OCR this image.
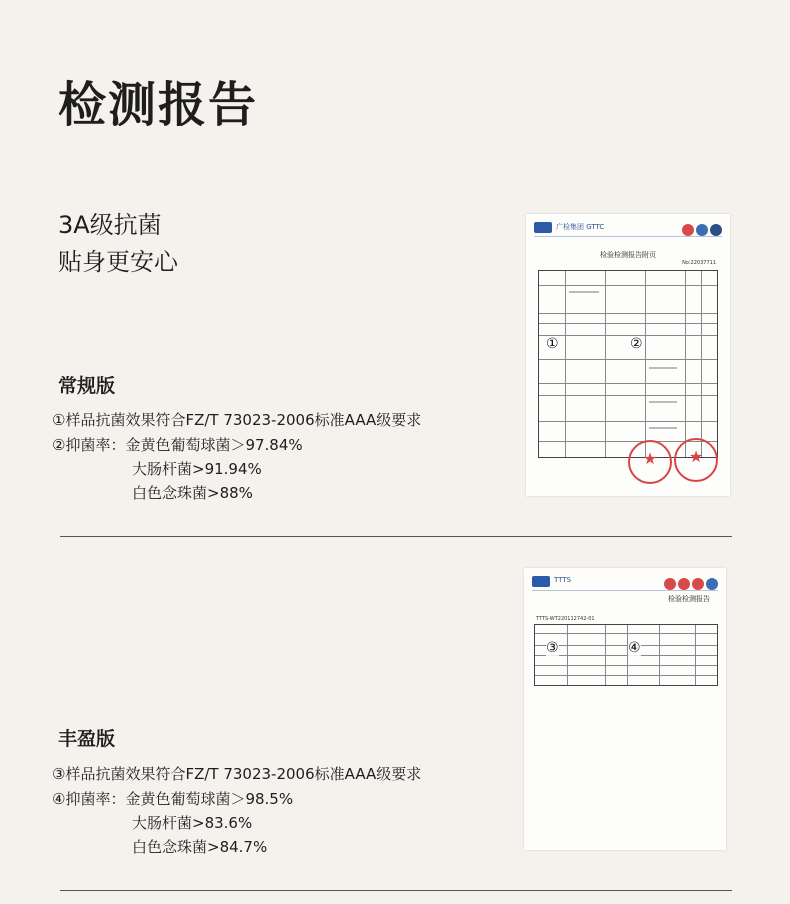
检测报告
3A级抗菌
贴身更安心
常规版
①样品抗菌效果符合FZ/T 73023-2006标准AAA级要求
②抑菌率：金黄色葡萄球菌＞97.84%
大肠杆菌>91.94%
白色念珠菌>88%
丰盈版
③样品抗菌效果符合FZ/T 73023-2006标准AAA级要求
④抑菌率：金黄色葡萄球菌＞98.5%
大肠杆菌>83.6%
白色念珠菌>84.7%
广检集团 GTTC
检验检测报告附页
No:22037711
①	②
★	★
TTTS
检验检测报告
TTTS-WT220112742-01
③	④
